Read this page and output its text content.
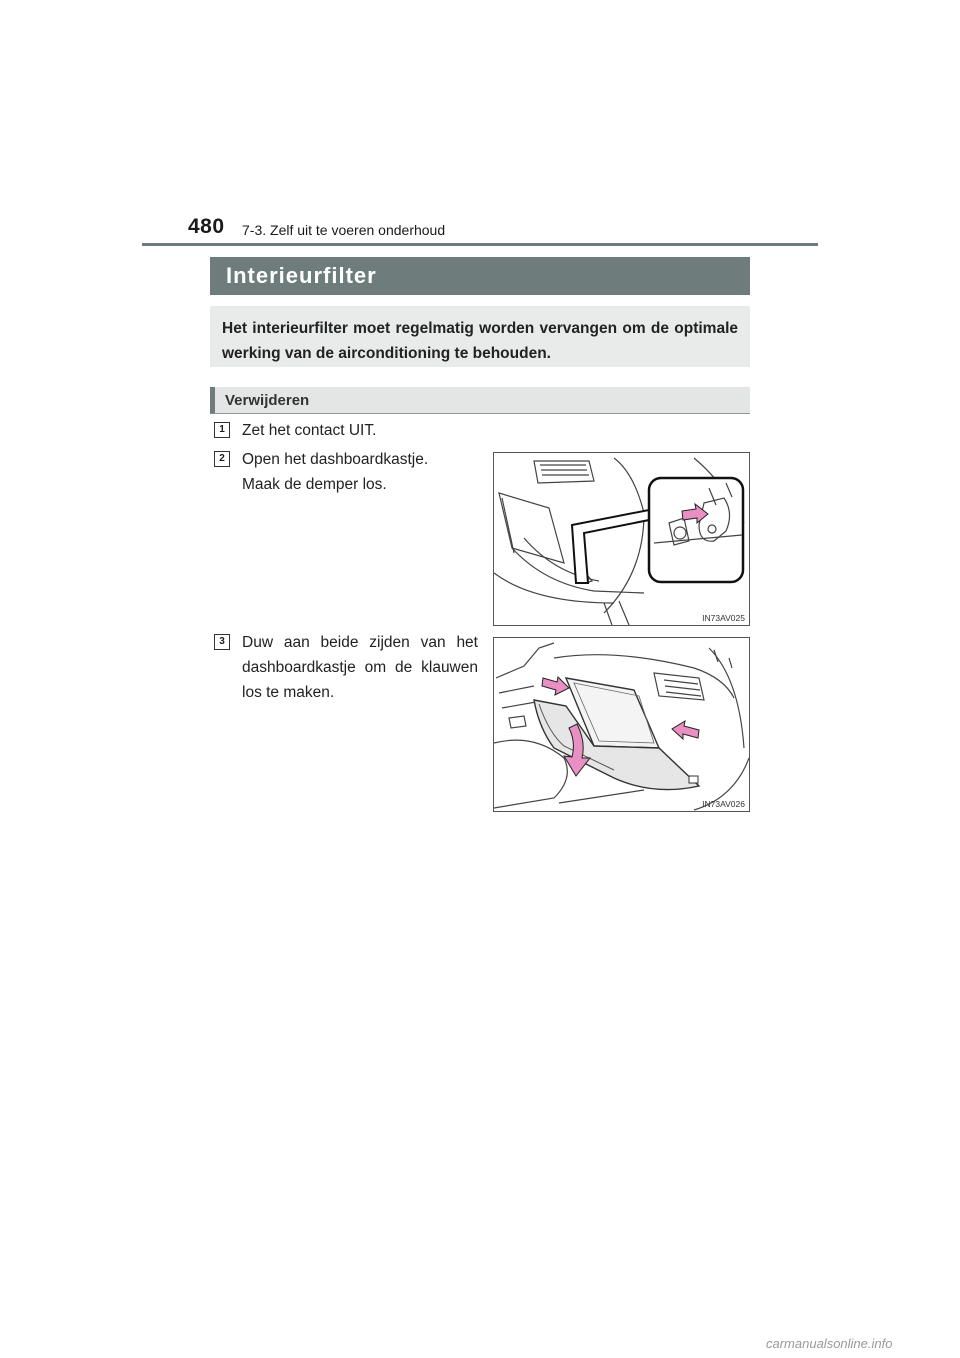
480 7-3. Zelf uit te voeren onderhoud
Interieurfilter

Het interieurfilter moet regelmatig worden vervangen om de optimale werking van de airconditioning te behouden.

Verwijderen
1	Zet het contact UIT.
2	Open het dashboardkastje.
Maak de demper los.
IN73AV025
3	Duw aan beide zijden van het dashboardkastje om de klauwen los te maken.
IN73AV026
carmanualsonline.info
